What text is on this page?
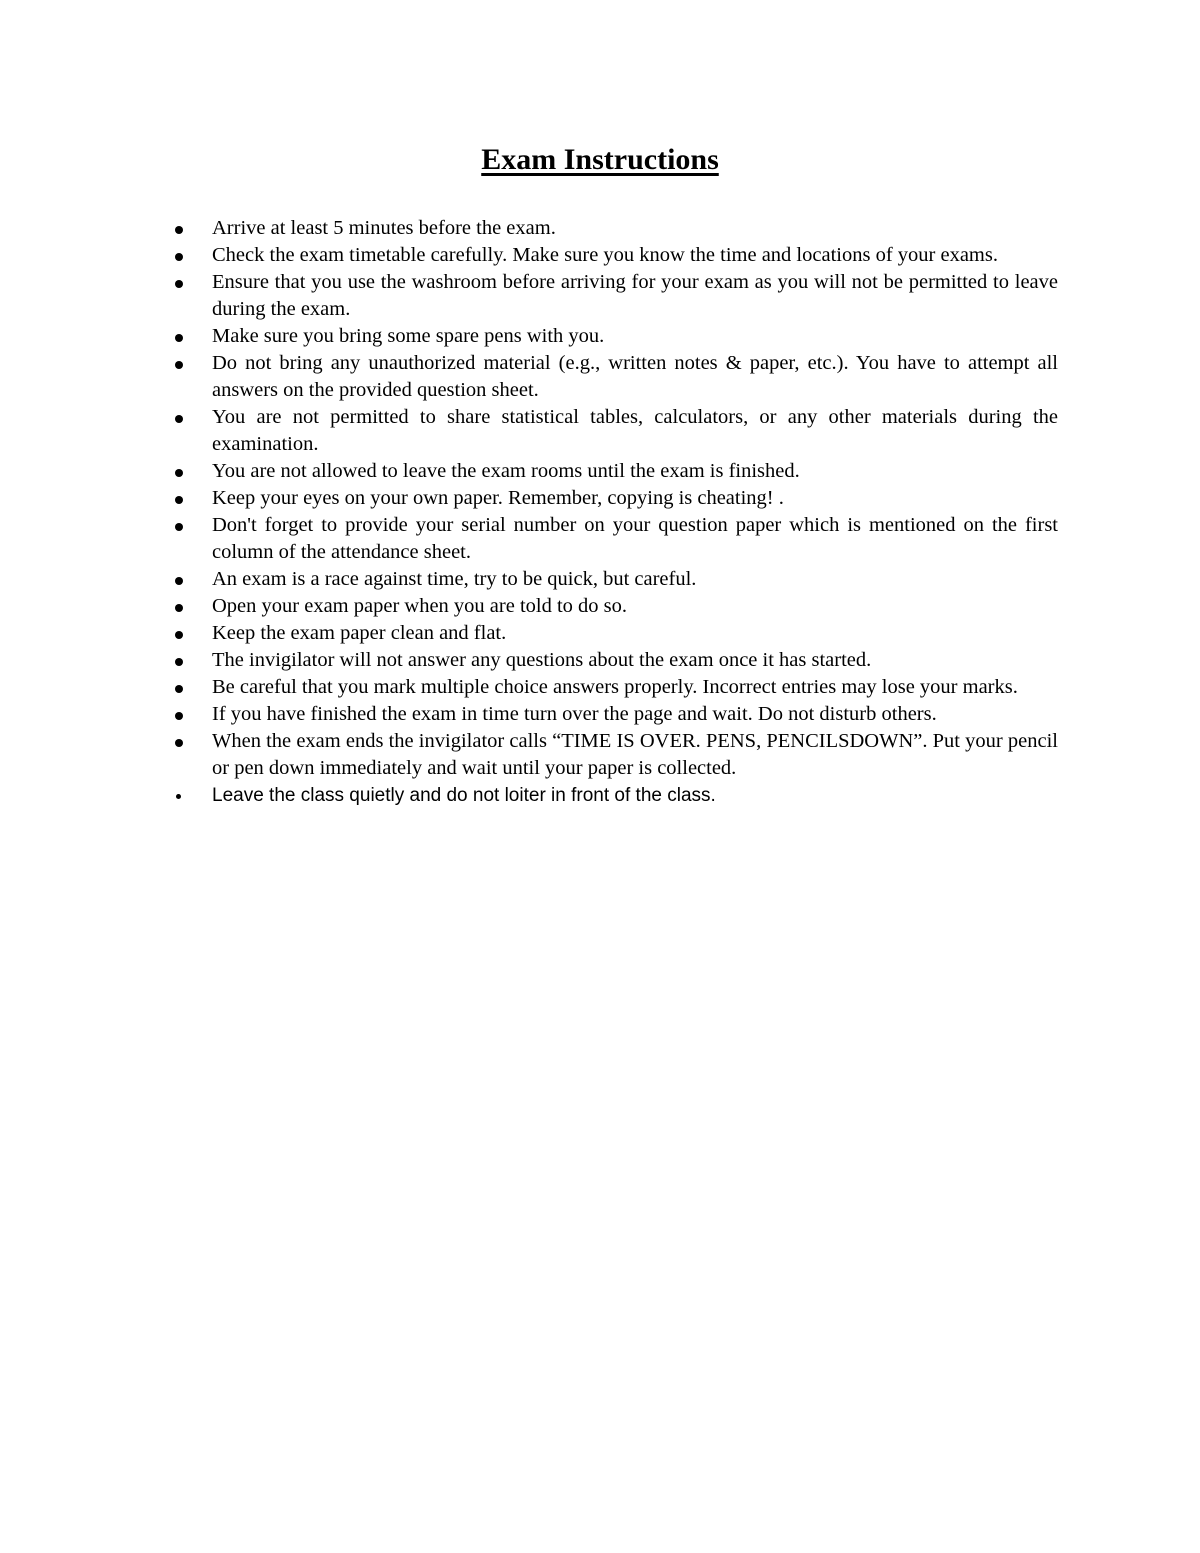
Exam Instructions
Arrive at least 5 minutes before the exam.
Check the exam timetable carefully. Make sure you know the time and locations of your exams.
Ensure that you use the washroom before arriving for your exam as you will not be permitted to leave during the exam.
Make sure you bring some spare pens with you.
Do not bring any unauthorized material (e.g., written notes & paper, etc.). You have to attempt all answers on the provided question sheet.
You are not permitted to share statistical tables, calculators, or any other materials during the examination.
You are not allowed to leave the exam rooms until the exam is finished.
Keep your eyes on your own paper. Remember, copying is cheating! .
Don't forget to provide your serial number on your question paper which is mentioned on the first column of the attendance sheet.
An exam is a race against time, try to be quick, but careful.
Open your exam paper when you are told to do so.
Keep the exam paper clean and flat.
The invigilator will not answer any questions about the exam once it has started.
Be careful that you mark multiple choice answers properly. Incorrect entries may lose your marks.
If you have finished the exam in time turn over the page and wait. Do not disturb others.
When the exam ends the invigilator calls “TIME IS OVER. PENS, PENCILSDOWN”. Put your pencil or pen down immediately and wait until your paper is collected.
Leave the class quietly and do not loiter in front of the class.
